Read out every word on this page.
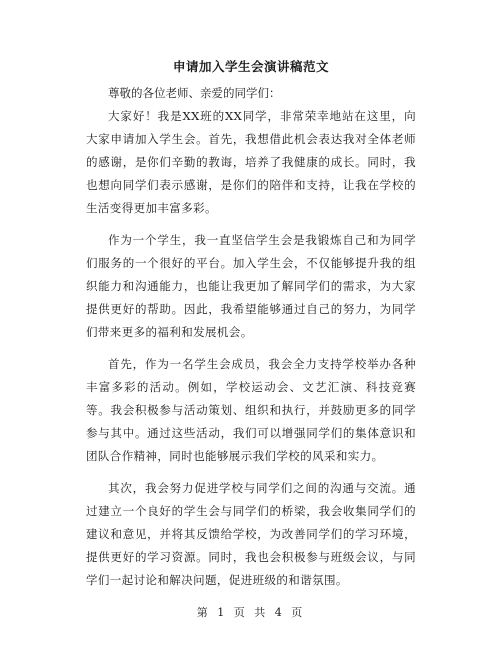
申请加入学生会演讲稿范文

尊敬的各位老师、亲爱的同学们：

大家好！我是XX班的XX同学，非常荣幸地站在这里，向大家申请加入学生会。首先，我想借此机会表达我对全体老师的感谢，是你们辛勤的教诲，培养了我健康的成长。同时，我也想向同学们表示感谢，是你们的陪伴和支持，让我在学校的生活变得更加丰富多彩。

作为一个学生，我一直坚信学生会是我锻炼自己和为同学们服务的一个很好的平台。加入学生会，不仅能够提升我的组织能力和沟通能力，也能让我更加了解同学们的需求，为大家提供更好的帮助。因此，我希望能够通过自己的努力，为同学们带来更多的福利和发展机会。

首先，作为一名学生会成员，我会全力支持学校举办各种丰富多彩的活动。例如，学校运动会、文艺汇演、科技竞赛等。我会积极参与活动策划、组织和执行，并鼓励更多的同学参与其中。通过这些活动，我们可以增强同学们的集体意识和团队合作精神，同时也能够展示我们学校的风采和实力。

其次，我会努力促进学校与同学们之间的沟通与交流。通过建立一个良好的学生会与同学们的桥梁，我会收集同学们的建议和意见，并将其反馈给学校，为改善同学们的学习环境，提供更好的学习资源。同时，我也会积极参与班级会议，与同学们一起讨论和解决问题，促进班级的和谐氛围。

第 1 页 共 4 页
